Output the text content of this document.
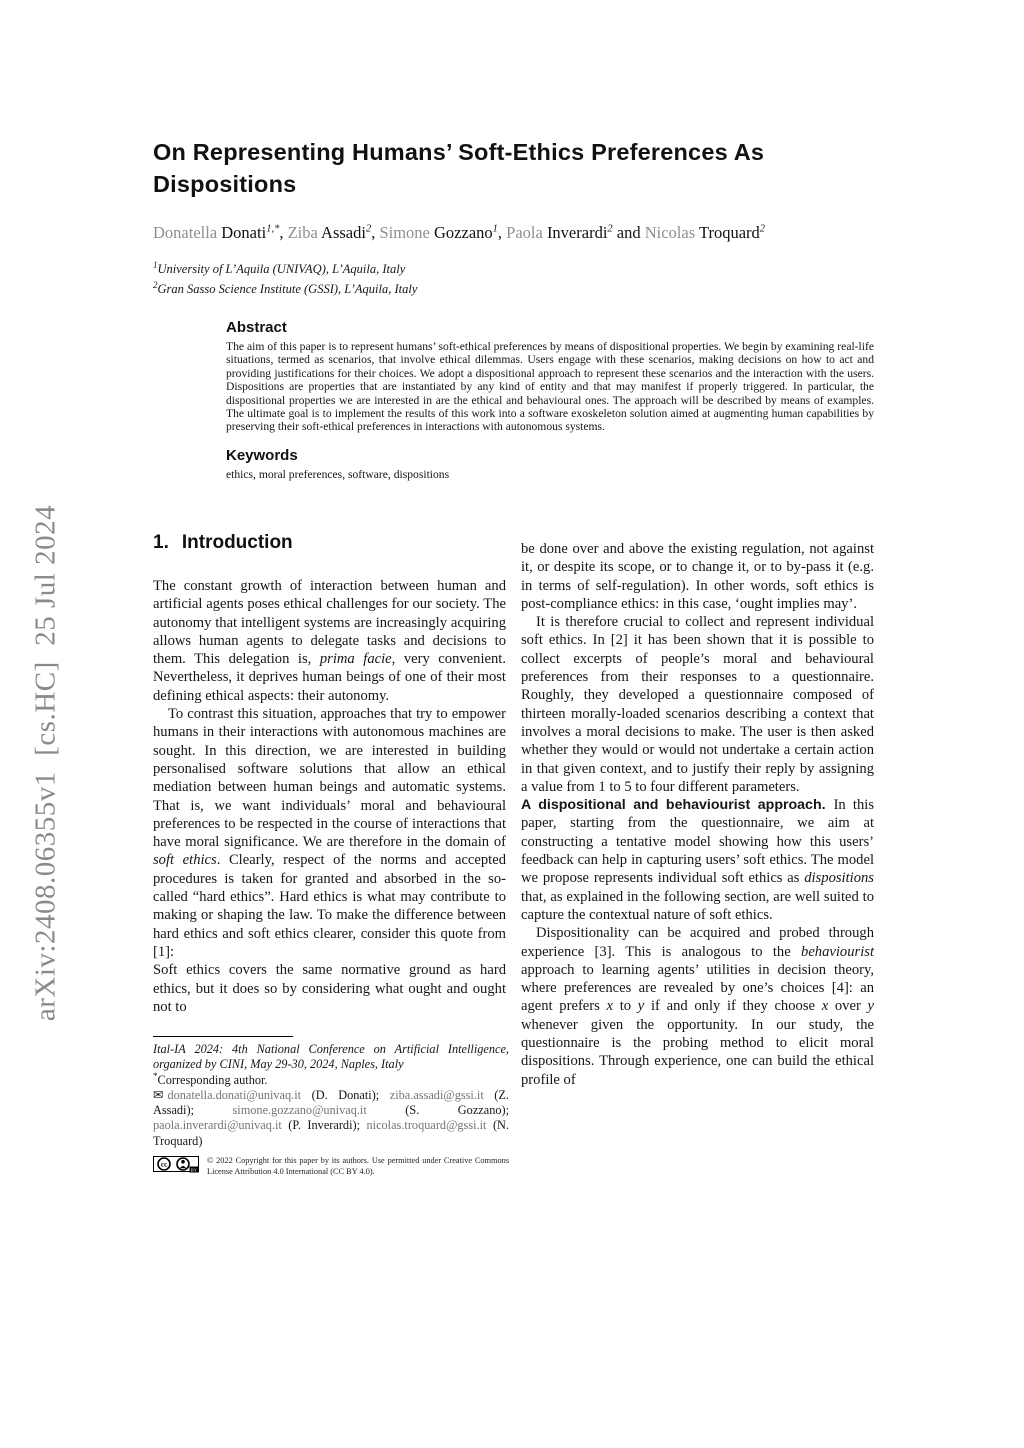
arXiv:2408.06355v1  [cs.HC]  25 Jul 2024
On Representing Humans’ Soft-Ethics Preferences As Dispositions
Donatella Donati$^{1,*}$, Ziba Assadi$^2$, Simone Gozzano$^1$, Paola Inverardi$^2$ and Nicolas Troquard$^2$
$^1$University of L’Aquila (UNIVAQ), L’Aquila, Italy
$^2$Gran Sasso Science Institute (GSSI), L’Aquila, Italy
Abstract

The aim of this paper is to represent humans’ soft-ethical preferences by means of dispositional properties. We begin by examining real-life situations, termed as scenarios, that involve ethical dilemmas. Users engage with these scenarios, making decisions on how to act and providing justifications for their choices. We adopt a dispositional approach to represent these scenarios and the interaction with the users. Dispositions are properties that are instantiated by any kind of entity and that may manifest if properly triggered. In particular, the dispositional properties we are interested in are the ethical and behavioural ones. The approach will be described by means of examples. The ultimate goal is to implement the results of this work into a software exoskeleton solution aimed at augmenting human capabilities by preserving their soft-ethical preferences in interactions with autonomous systems.

Keywords

ethics, moral preferences, software, dispositions

1. Introduction

The constant growth of interaction between human and artificial agents poses ethical challenges for our society. The autonomy that intelligent systems are increasingly acquiring allows human agents to delegate tasks and decisions to them. This delegation is, prima facie, very convenient. Nevertheless, it deprives human beings of one of their most defining ethical aspects: their autonomy.

To contrast this situation, approaches that try to empower humans in their interactions with autonomous machines are sought. In this direction, we are interested in building personalised software solutions that allow an ethical mediation between human beings and automatic systems. That is, we want individuals’ moral and behavioural preferences to be respected in the course of interactions that have moral significance. We are therefore in the domain of soft ethics. Clearly, respect of the norms and accepted procedures is taken for granted and absorbed in the so-called “hard ethics”. Hard ethics is what may contribute to making or shaping the law. To make the difference between hard ethics and soft ethics clearer, consider this quote from [1]:

Soft ethics covers the same normative ground as hard ethics, but it does so by considering what ought and ought not to

be done over and above the existing regulation, not against it, or despite its scope, or to change it, or to by-pass it (e.g. in terms of self-regulation). In other words, soft ethics is post-compliance ethics: in this case, ‘ought implies may’.

It is therefore crucial to collect and represent individual soft ethics. In [2] it has been shown that it is possible to collect excerpts of people’s moral and behavioural preferences from their responses to a questionnaire. Roughly, they developed a questionnaire composed of thirteen morally-loaded scenarios describing a context that involves a moral decisions to make. The user is then asked whether they would or would not undertake a certain action in that given context, and to justify their reply by assigning a value from 1 to 5 to four different parameters.

A dispositional and behaviourist approach. In this paper, starting from the questionnaire, we aim at constructing a tentative model showing how this users’ feedback can help in capturing users’ soft ethics. The model we propose represents individual soft ethics as dispositions that, as explained in the following section, are well suited to capture the contextual nature of soft ethics.

Dispositionality can be acquired and probed through experience [3]. This is analogous to the behaviourist approach to learning agents’ utilities in decision theory, where preferences are revealed by one’s choices [4]: an agent prefers x to y if and only if they choose x over y whenever given the opportunity. In our study, the questionnaire is the probing method to elicit moral dispositions. Through experience, one can build the ethical profile of

Ital-IA 2024: 4th National Conference on Artificial Intelligence, organized by CINI, May 29-30, 2024, Naples, Italy

*Corresponding author.

✉ donatella.donati@univaq.it (D. Donati); ziba.assadi@gssi.it (Z. Assadi); simone.gozzano@univaq.it (S. Gozzano); paola.inverardi@univaq.it (P. Inverardi); nicolas.troquard@gssi.it (N. Troquard)

cc
BY

© 2022 Copyright for this paper by its authors. Use permitted under Creative Commons License Attribution 4.0 International (CC BY 4.0).
